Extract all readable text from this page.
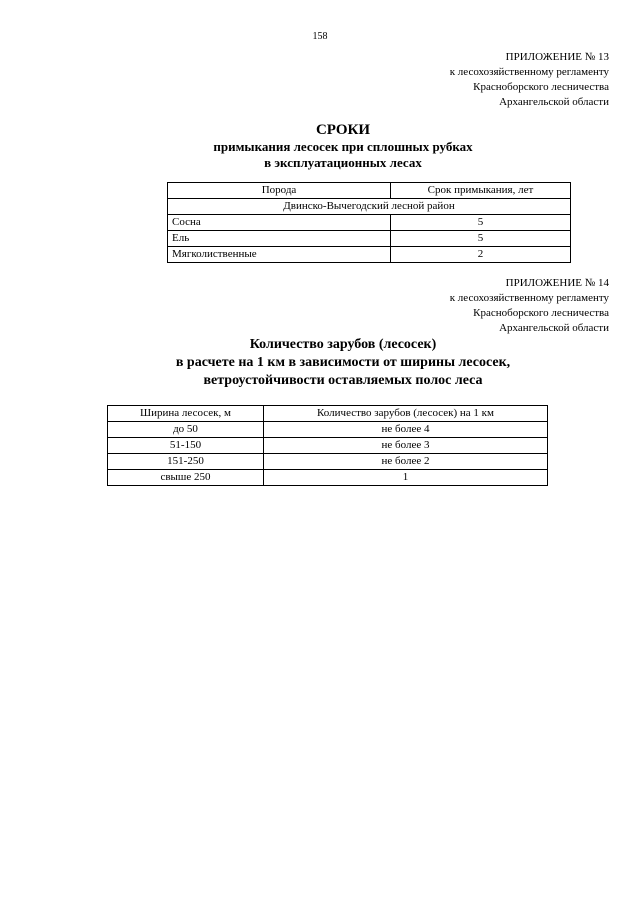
158
ПРИЛОЖЕНИЕ № 13
к лесохозяйственному регламенту
Красноборского лесничества
Архангельской области
СРОКИ
примыкания лесосек при сплошных рубках
в эксплуатационных лесах
Порода	Срок примыкания, лет
Двинско-Вычегодский лесной район	
Сосна	5
Ель	5
Мягколиственные	2
ПРИЛОЖЕНИЕ № 14
к лесохозяйственному регламенту
Красноборского лесничества
Архангельской области
Количество зарубов (лесосек)
в расчете на 1 км в зависимости от ширины лесосек,
ветроустойчивости оставляемых полос леса
Ширина лесосек, м	Количество зарубов (лесосек) на 1 км
до 50	не более 4
51-150	не более 3
151-250	не более 2
свыше 250	1
